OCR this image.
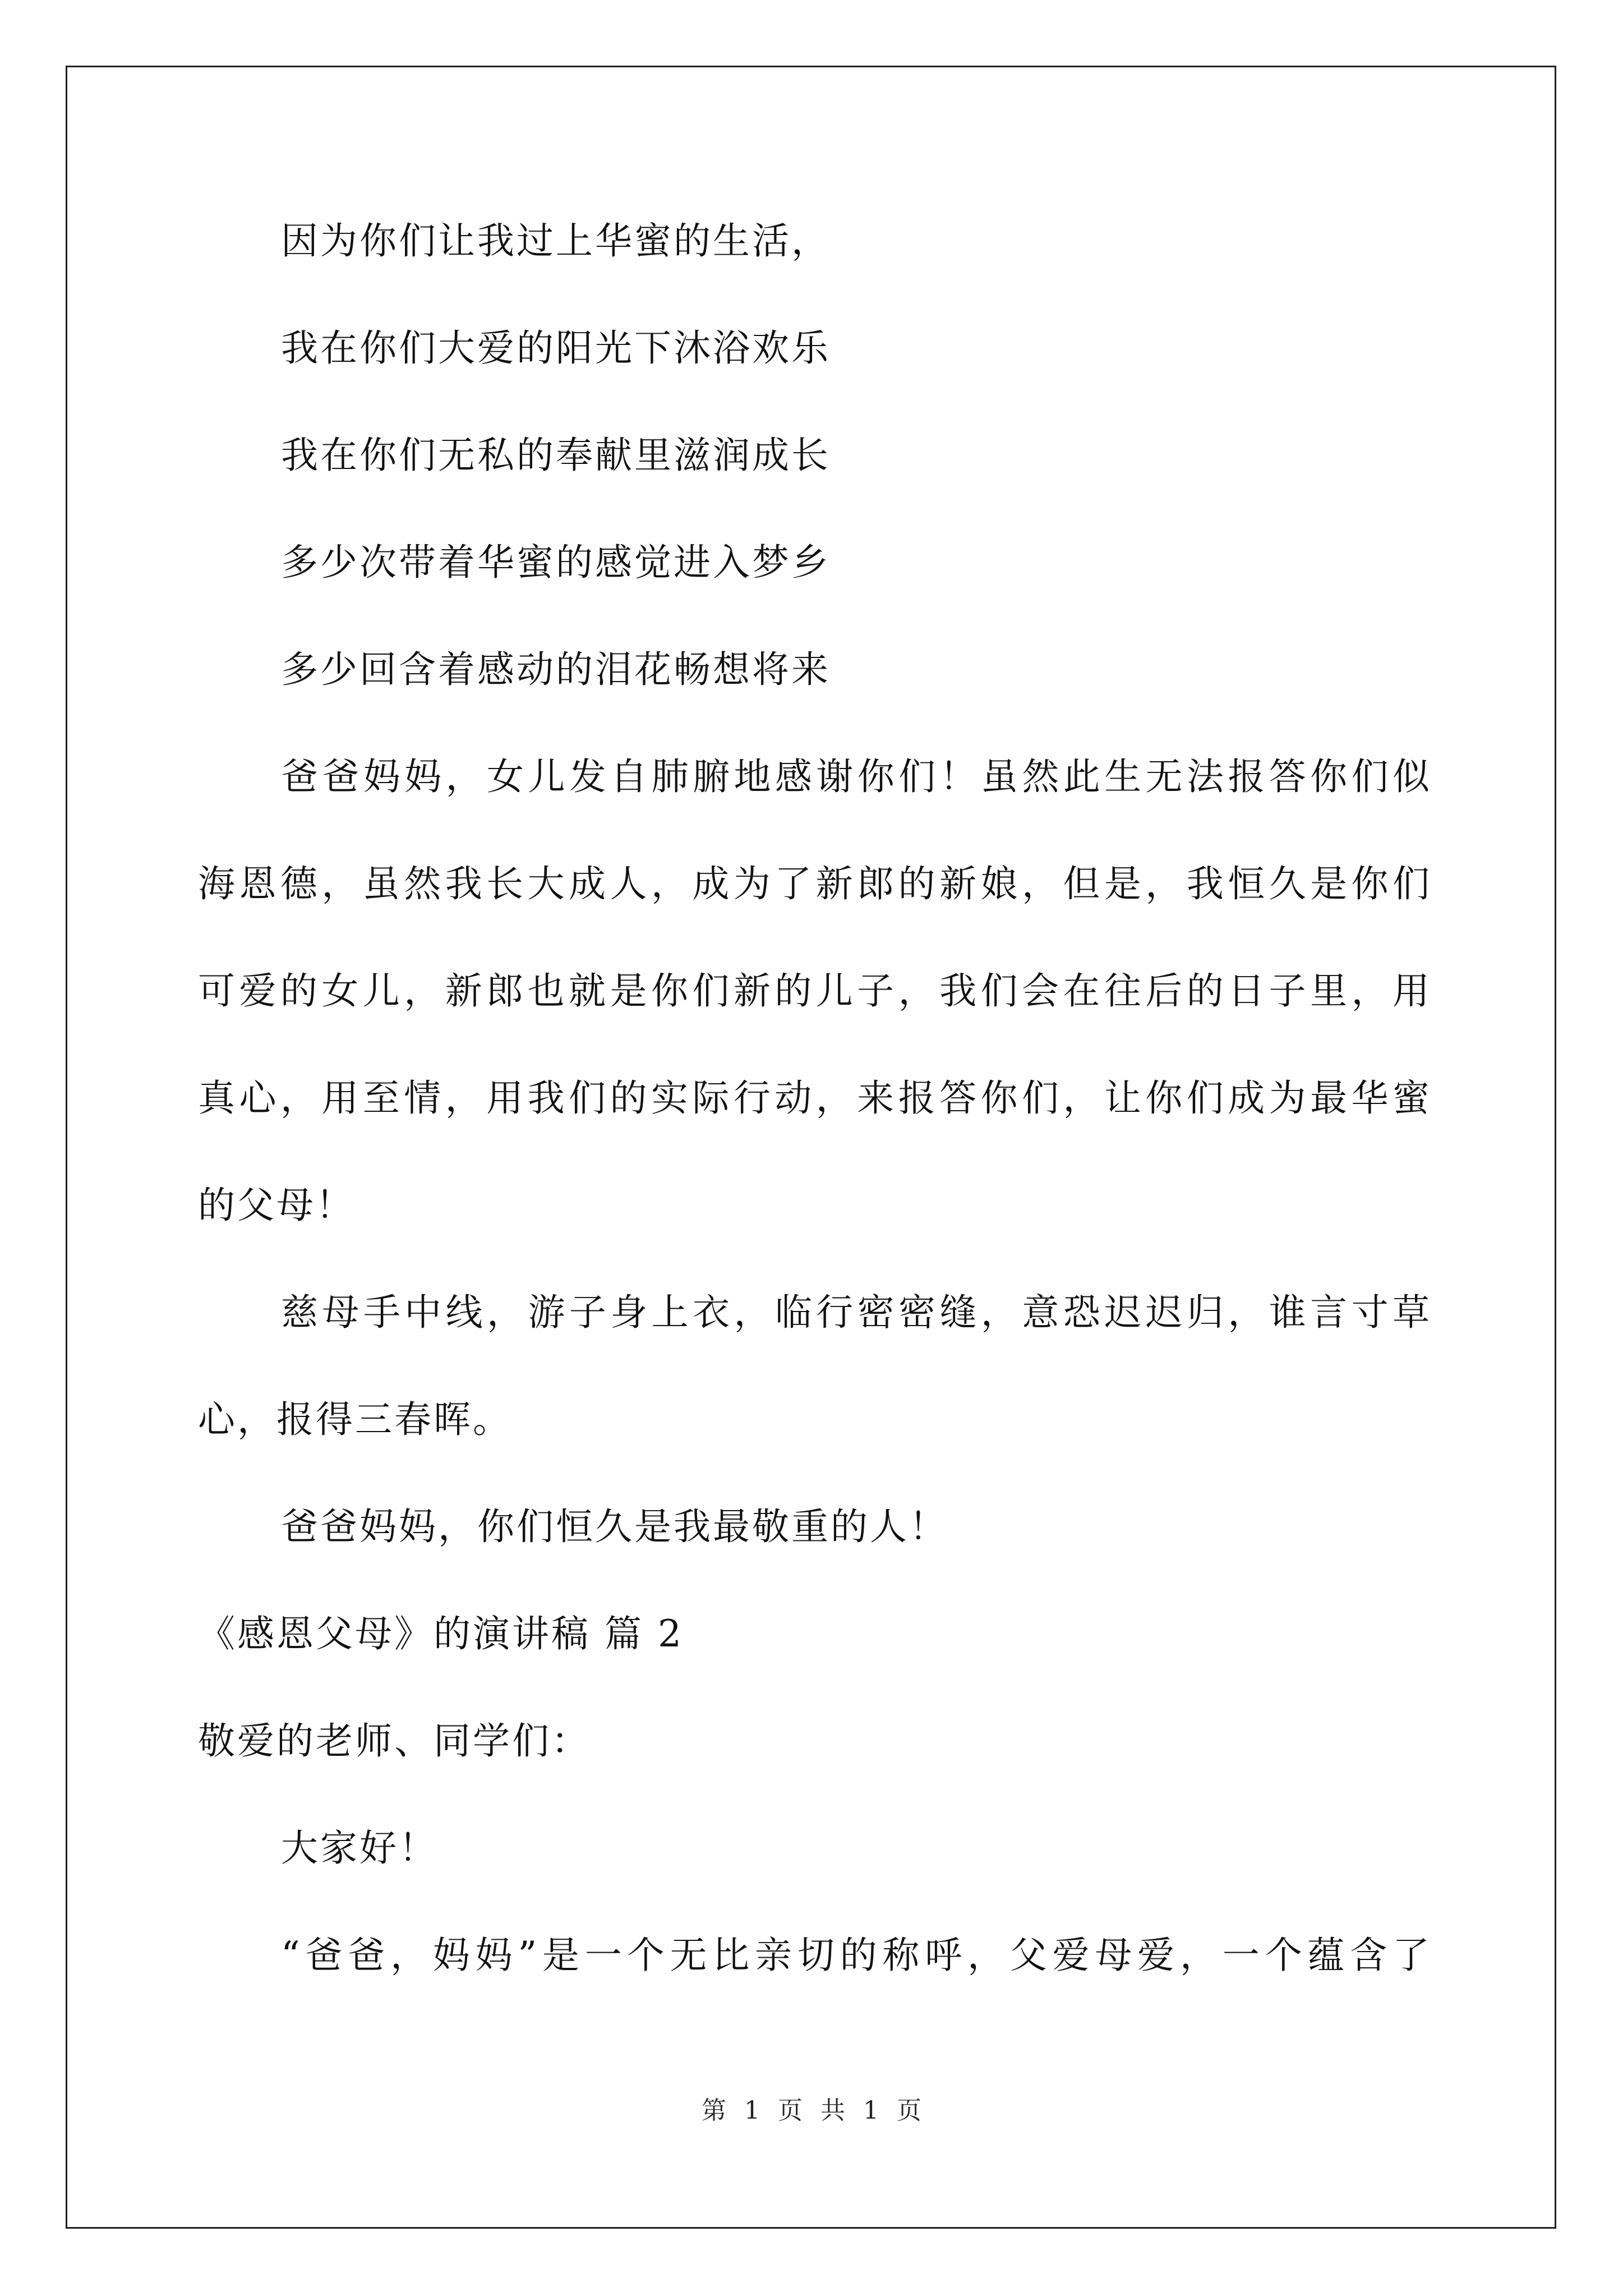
因为你们让我过上华蜜的生活，
我在你们大爱的阳光下沐浴欢乐
我在你们无私的奉献里滋润成长
多少次带着华蜜的感觉进入梦乡
多少回含着感动的泪花畅想将来
爸爸妈妈，女儿发自肺腑地感谢你们！虽然此生无法报答你们似
海恩德，虽然我长大成人，成为了新郎的新娘，但是，我恒久是你们
可爱的女儿，新郎也就是你们新的儿子，我们会在往后的日子里，用
真心，用至情，用我们的实际行动，来报答你们，让你们成为最华蜜
的父母！
慈母手中线，游子身上衣，临行密密缝，意恐迟迟归，谁言寸草
心，报得三春晖。
爸爸妈妈，你们恒久是我最敬重的人！
《感恩父母》的演讲稿 篇 2
敬爱的老师、同学们：
大家好！
“爸爸，妈妈”是一个无比亲切的称呼，父爱母爱，一个蕴含了
第 1 页 共 1 页
